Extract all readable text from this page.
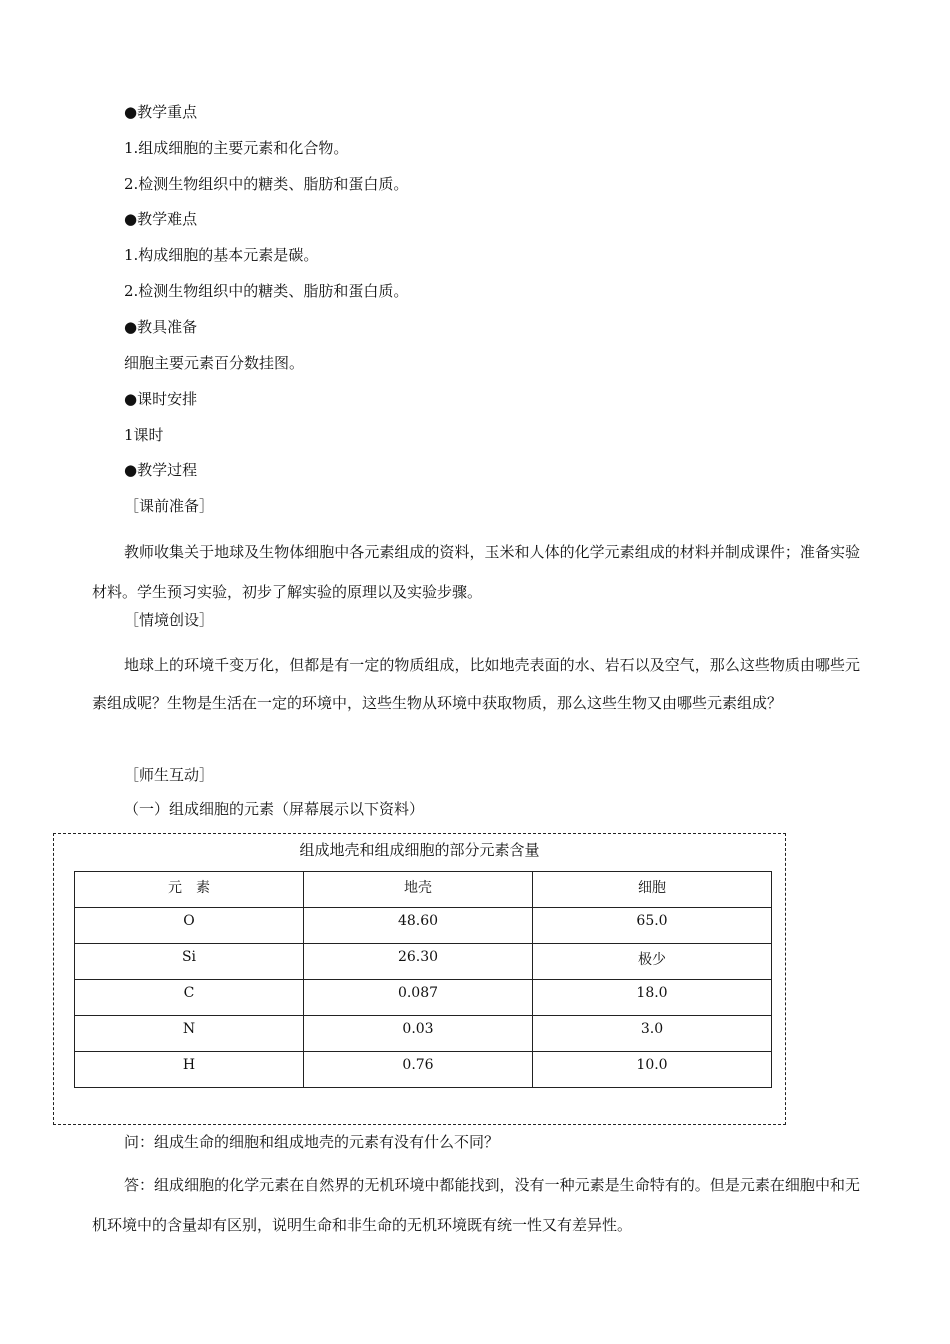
●教学重点
1.组成细胞的主要元素和化合物。
2.检测生物组织中的糖类、脂肪和蛋白质。
●教学难点
1.构成细胞的基本元素是碳。
2.检测生物组织中的糖类、脂肪和蛋白质。
●教具准备
细胞主要元素百分数挂图。
●课时安排
1课时
●教学过程
［课前准备］
教师收集关于地球及生物体细胞中各元素组成的资料，玉米和人体的化学元素组成的材料并制成课件；准备实验材料。学生预习实验，初步了解实验的原理以及实验步骤。
［情境创设］
地球上的环境千变万化，但都是有一定的物质组成，比如地壳表面的水、岩石以及空气，那么这些物质由哪些元素组成呢？生物是生活在一定的环境中，这些生物从环境中获取物质，那么这些生物又由哪些元素组成？
［师生互动］
（一）组成细胞的元素（屏幕展示以下资料）
组成地壳和组成细胞的部分元素含量
元　素	地壳	细胞
O	48.60	65.0
Si	26.30	极少
C	0.087	18.0
N	0.03	3.0
H	0.76	10.0
问：组成生命的细胞和组成地壳的元素有没有什么不同？
答：组成细胞的化学元素在自然界的无机环境中都能找到，没有一种元素是生命特有的。但是元素在细胞中和无机环境中的含量却有区别，说明生命和非生命的无机环境既有统一性又有差异性。
